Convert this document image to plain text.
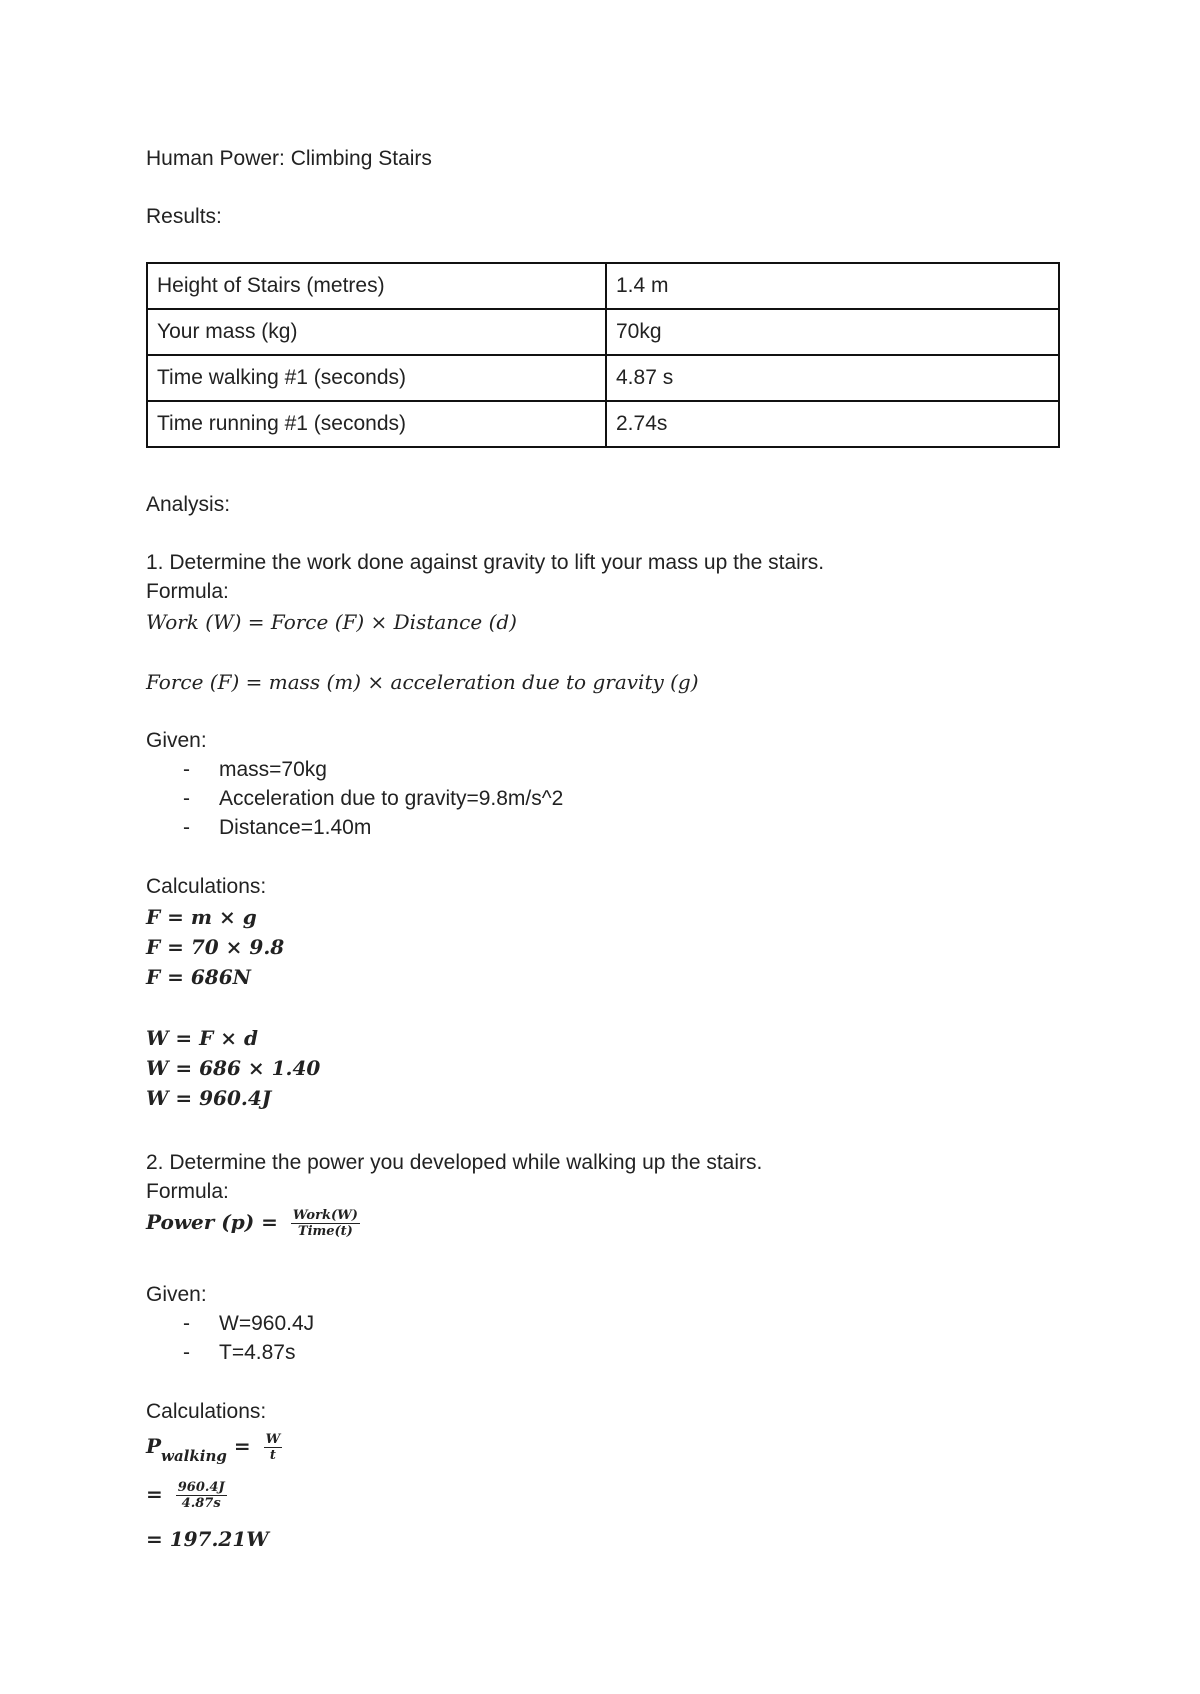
Human Power: Climbing Stairs
Results:
Height of Stairs (metres)	1.4 m
Your mass (kg)	70kg
Time walking #1 (seconds)	4.87 s
Time running #1 (seconds)	2.74s
Analysis:
1. Determine the work done against gravity to lift your mass up the stairs.
Formula:
Work (W) = Force (F) × Distance (d)
Force (F) = mass (m) × acceleration due to gravity (g)
Given:
- mass=70kg
- Acceleration due to gravity=9.8m/s^2
- Distance=1.40m
Calculations:
F = m × g
F = 70 × 9.8
F = 686N
W = F × d
W = 686 × 1.40
W = 960.4J
2. Determine the power you developed while walking up the stairs.
Formula:
Power $(p) = \frac{\text{Work(W)}}{\text{Time(t)}}$
Given:
- W=960.4J
- T=4.87s
Calculations:
$P_{walking} = \frac{W}{t}$
= $\frac{960.4J}{4.87s}$
= 197.21W
